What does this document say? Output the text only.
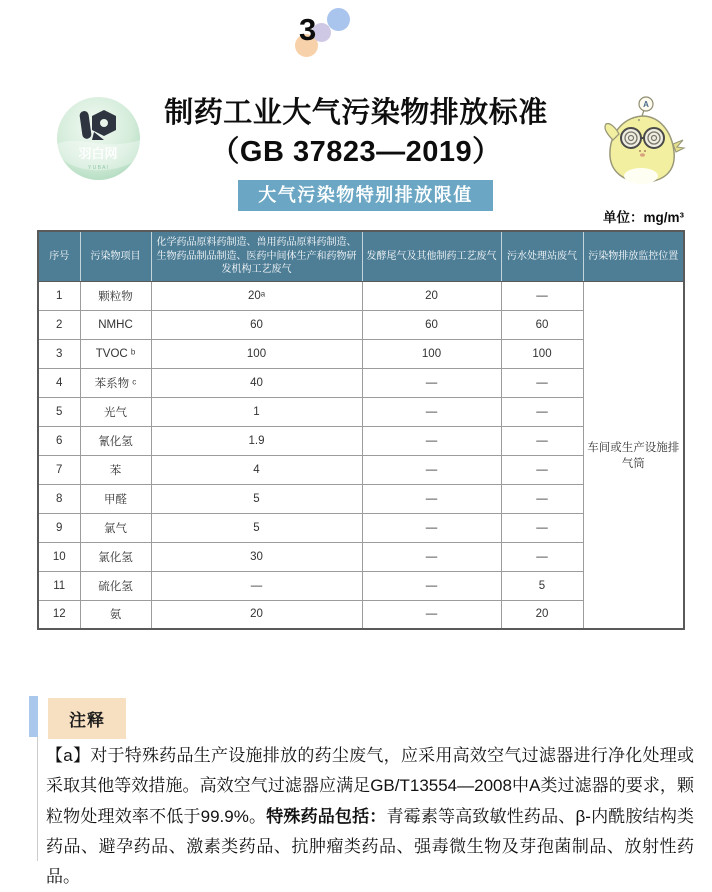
3
羽白网
Y U B A I
制药工业大气污染物排放标准
（GB 37823—2019）
A
大气污染物特别排放限值
单位：mg/m³
序号	污染物项目	化学药品原料药制造、兽用药品原料药制造、生物药品制品制造、医药中间体生产和药物研发机构工艺废气	发酵尾气及其他制药工艺废气	污水处理站废气	污染物排放监控位置
1	颗粒物	20ᵃ	20	—	车间或生产设施排气筒
2	NMHC	60	60	60	
3	TVOC ᵇ	100	100	100	
4	苯系物 ᶜ	40	—	—	
5	光气	1	—	—	
6	氰化氢	1.9	—	—	
7	苯	4	—	—	
8	甲醛	5	—	—	
9	氯气	5	—	—	
10	氯化氢	30	—	—	
11	硫化氢	—	—	5	
12	氨	20	—	20	
注释
【a】对于特殊药品生产设施排放的药尘废气，应采用高效空气过滤器进行净化处理或采取其他等效措施。高效空气过滤器应满足GB/T13554—2008中A类过滤器的要求，颗粒物处理效率不低于99.9%。特殊药品包括：青霉素等高致敏性药品、β-内酰胺结构类药品、避孕药品、激素类药品、抗肿瘤类药品、强毒微生物及芽孢菌制品、放射性药品。
